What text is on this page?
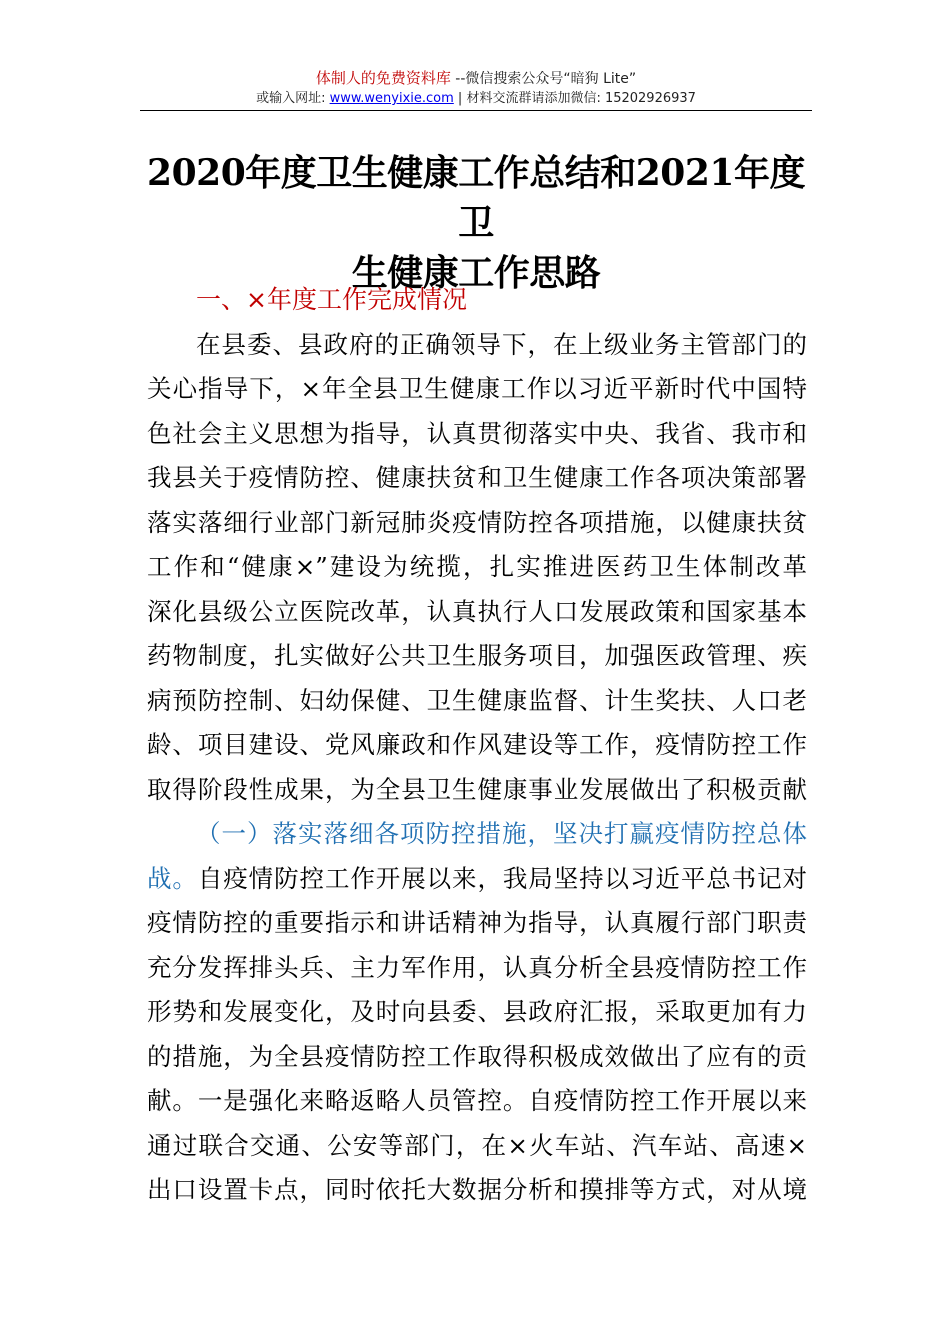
体制人的免费资料库 --微信搜索公众号“暗狗 Lite”
或输入网址: www.wenyixie.com | 材料交流群请添加微信: 15202926937
2020年度卫生健康工作总结和2021年度卫
生健康工作思路
一、×年度工作完成情况
在县委、县政府的正确领导下，在上级业务主管部门的
关心指导下，×年全县卫生健康工作以习近平新时代中国特
色社会主义思想为指导，认真贯彻落实中央、我省、我市和
我县关于疫情防控、健康扶贫和卫生健康工作各项决策部署
落实落细行业部门新冠肺炎疫情防控各项措施，以健康扶贫
工作和“健康×”建设为统揽，扎实推进医药卫生体制改革
深化县级公立医院改革，认真执行人口发展政策和国家基本
药物制度，扎实做好公共卫生服务项目，加强医政管理、疾
病预防控制、妇幼保健、卫生健康监督、计生奖扶、人口老
龄、项目建设、党风廉政和作风建设等工作，疫情防控工作
取得阶段性成果，为全县卫生健康事业发展做出了积极贡献
（一）落实落细各项防控措施，坚决打赢疫情防控总体
战。自疫情防控工作开展以来，我局坚持以习近平总书记对
疫情防控的重要指示和讲话精神为指导，认真履行部门职责
充分发挥排头兵、主力军作用，认真分析全县疫情防控工作
形势和发展变化，及时向县委、县政府汇报，采取更加有力
的措施，为全县疫情防控工作取得积极成效做出了应有的贡
献。一是强化来略返略人员管控。自疫情防控工作开展以来
通过联合交通、公安等部门，在×火车站、汽车站、高速×
出口设置卡点，同时依托大数据分析和摸排等方式，对从境
